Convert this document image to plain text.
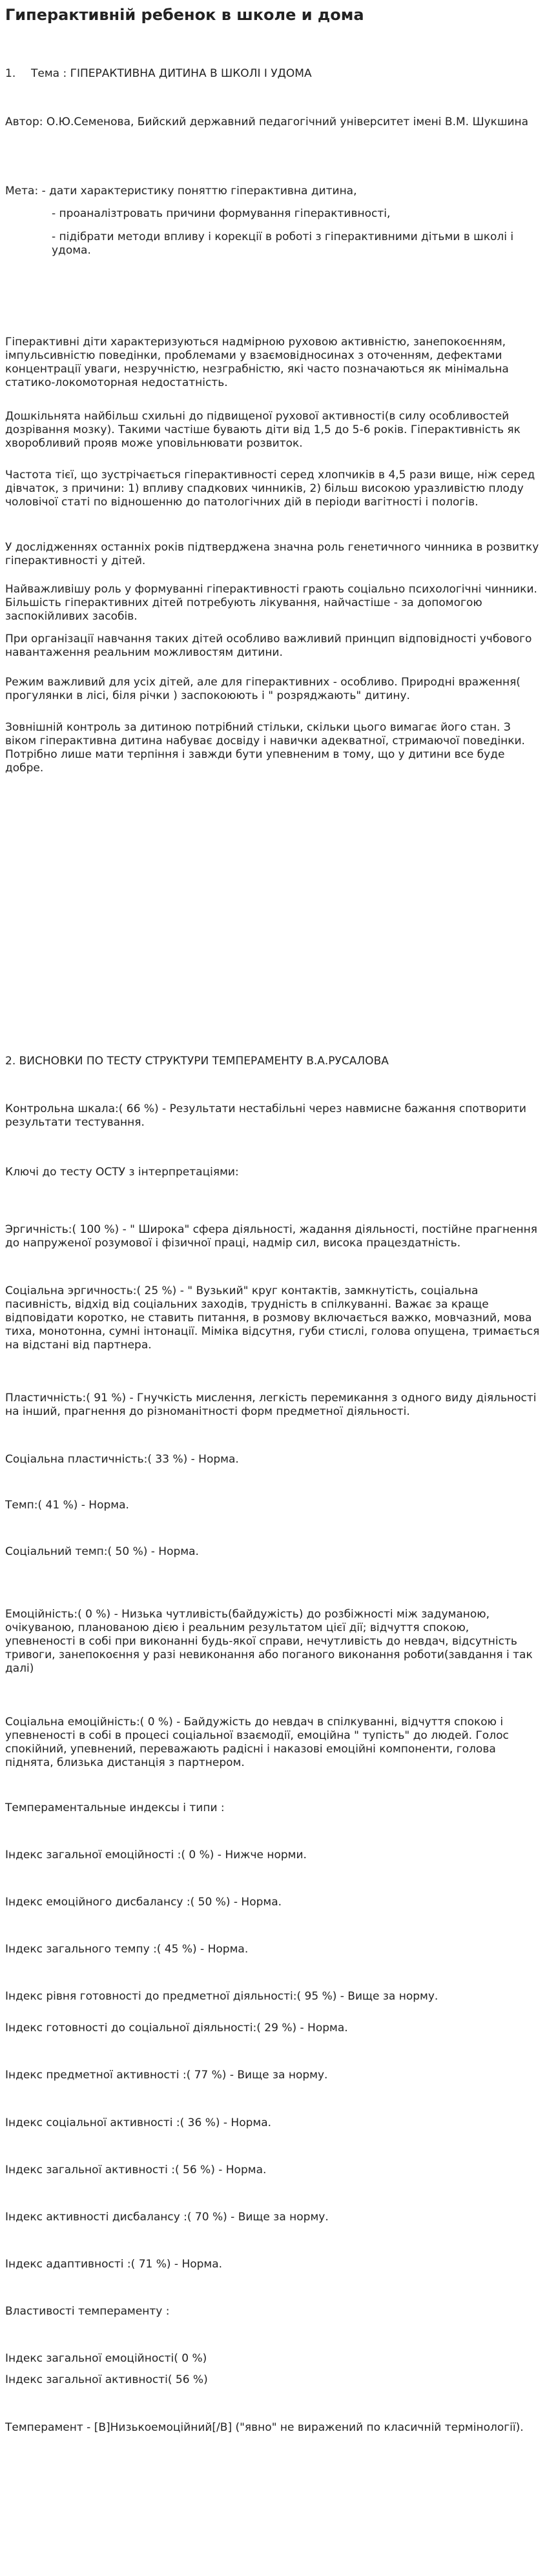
Гиперактивній ребенок в школе и дома

1. Тема : ГІПЕРАКТИВНА ДИТИНА В ШКОЛІ І УДОМА

Автор: О.Ю.Семенова, Бийский державний педагогічний університет імені В.М. Шукшина

Мета: - дати характеристику поняттю гіперактивна дитина,

- проаналізтровать причини формування гіперактивності,

- підібрати методи впливу і корекції в роботі з гіперактивними дітьми в школі і удома.

Гіперактивні діти характеризуються надмірною руховою активністю, занепокоєнням, імпульсивністю поведінки, проблемами у взаємовідносинах з оточенням, дефектами концентрації уваги, незручністю, незграбністю, які часто позначаються як мінімальна статико-локомоторная недостатність.

Дошкільнята найбільш схильні до підвищеної рухової активності(в силу особливостей дозрівання мозку). Такими частіше бувають діти від 1,5 до 5-6 років. Гіперактивність як хворобливий прояв може уповільнювати розвиток.

Частота тієї, що зустрічається гіперактивності серед хлопчиків в 4,5 рази вище, ніж серед дівчаток, з причини: 1) впливу спадкових чинників, 2) більш високою уразливістю плоду чоловічої статі по відношенню до патологічних дій в періоди вагітності і пологів.

У дослідженнях останніх років підтверджена значна роль генетичного чинника в розвитку гіперактивності у дітей.

Найважливішу роль у формуванні гіперактивності грають соціально психологічні чинники. Більшість гіперактивних дітей потребують лікування, найчастіше - за допомогою заспокійливих засобів.

При організації навчання таких дітей особливо важливий принцип відповідності учбового навантаження реальним можливостям дитини.

Режим важливий для усіх дітей, але для гіперактивних - особливо. Природні враження( прогулянки в лісі, біля річки ) заспокоюють і " розряджають" дитину.

Зовнішній контроль за дитиною потрібний стільки, скільки цього вимагає його стан. З віком гіперактивна дитина набуває досвіду і навички адекватної, стримаючої поведінки. Потрібно лише мати терпіння і завжди бути упевненим в тому, що у дитини все буде добре.

2. ВИСНОВКИ ПО ТЕСТУ СТРУКТУРИ ТЕМПЕРАМЕНТУ В.А.РУСАЛОВА

Контрольна шкала:( 66 %) - Результати нестабільні через навмисне бажання спотворити результати тестування.

Ключі до тесту ОСТУ з інтерпретаціями:

Эргичність:( 100 %) - " Широка" сфера діяльності, жадання діяльності, постійне прагнення до напруженої розумової і фізичної праці, надмір сил, висока працездатність.

Соціальна эргичность:( 25 %) - " Вузький" круг контактів, замкнутість, соціальна пасивність, відхід від соціальних заходів, трудність в спілкуванні. Важає за краще відповідати коротко, не ставить питання, в розмову включається важко, мовчазний, мова тиха, монотонна, сумні інтонації. Міміка відсутня, губи стислі, голова опущена, тримається на відстані від партнера.

Пластичність:( 91 %) - Гнучкість мислення, легкість перемикання з одного виду діяльності на інший, прагнення до різноманітності форм предметної діяльності.

Соціальна пластичність:( 33 %) - Норма.

Темп:( 41 %) - Норма.

Соціальний темп:( 50 %) - Норма.

Емоційність:( 0 %) - Низька чутливість(байдужість) до розбіжності між задуманою, очікуваною, планованою дією і реальним результатом цієї дії; відчуття спокою, упевненості в собі при виконанні будь-якої справи, нечутливість до невдач, відсутність тривоги, занепокоєння у разі невиконання або поганого виконання роботи(завдання і так далі)

Соціальна емоційність:( 0 %) - Байдужість до невдач в спілкуванні, відчуття спокою і упевненості в собі в процесі соціальної взаємодії, емоційна " тупість" до людей. Голос спокійний, упевнений, переважають радісні і наказові емоційні компоненти, голова піднята, близька дистанція з партнером.

Темпераментальные индексы і типи :

Індекс загальної емоційності :( 0 %) - Нижче норми.

Індекс емоційного дисбалансу :( 50 %) - Норма.

Індекс загального темпу :( 45 %) - Норма.

Індекс рівня готовності до предметної діяльності:( 95 %) - Вище за норму.

Індекс готовності до соціальної діяльності:( 29 %) - Норма.

Індекс предметної активності :( 77 %) - Вище за норму.

Індекс соціальної активності :( 36 %) - Норма.

Індекс загальної активності :( 56 %) - Норма.

Індекс активності дисбалансу :( 70 %) - Вище за норму.

Індекс адаптивності :( 71 %) - Норма.

Властивості темпераменту :

Індекс загальної емоційності( 0 %)

Індекс загальної активності( 56 %)

Темперамент - [B]Низькоемоційний[/B] ("явно" не виражений по класичній термінології).
